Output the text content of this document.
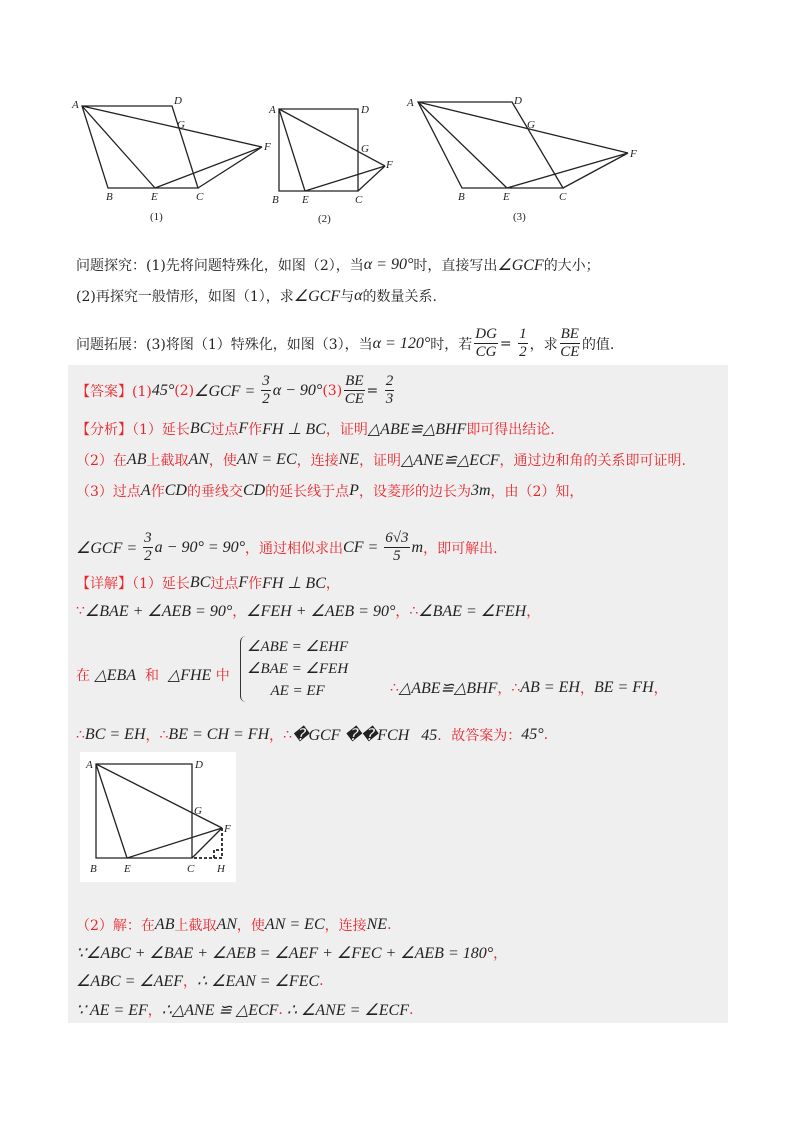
A	D
G
F
B	E	C
(1)
A	D
G
F
B E	C
(2)
A	D
G
F
B	E	C
(3)
问题探究：(1)先将问题特殊化，如图（2），当 α = 90° 时，直接写出 ∠GCF 的大小；
(2)再探究一般情形，如图（1），求 ∠GCF 与 α 的数量关系.
问题拓展：(3)将图（1）特殊化，如图（3），当 α = 120° 时，若 $\frac{DG}{CG} = \frac{1}{2}$ ，求 $\frac{BE}{CE}$ 的值.
【答案】(1) 45° (2) ∠GCF = $\frac{3}{2}$ α − 90° $(3) \frac{BE}{CE} = \frac{2}{3}$
【分析】（1）延长 BC 过点 F 作 FH ⊥ BC ，证明 △ABE≌△BHF 即可得出结论.
（2）在 AB 上截取 AN ，使 AN = EC ，连接 NE ，证明 △ANE≌△ECF ，通过边和角的关系即可证明.
（3）过点 A 作 CD 的垂线交 CD 的延长线于点 P ，设菱形的边长为 3m ，由（2）知，
∠GCF = $\frac{3}{2}$ a − 90° = 90° ，通过相似求出 CF = $\frac{6√3}{5}$ m ，即可解出.
【详解】（1）延长 BC 过点 F 作 FH ⊥ BC ，
∵ ∠BAE + ∠AEB = 90° ， ∠FEH + ∠AEB = 90° ， ∴ ∠BAE = ∠FEH ，
在 △EBA 和 △FHE 中
∴ △ABE≌△BHF ， ∴ AB = EH ， BE = FH ，
∴ BC = EH ， ∴ BE = CH = FH ， ∴ �GCF ��FCH   45 ．故答案为： 45° .
（2）解：在 AB 上截取 AN ，使 AN = EC ，连接 NE .
∵∠ABC + ∠BAE + ∠AEB = ∠AEF + ∠FEC + ∠AEB = 180° ，
∠ABC = ∠AEF ， ∴ ∠EAN = ∠FEC .
∵ AE = EF ， ∴△ANE ≌ △ECF . ∴ ∠ANE = ∠ECF .
∠ABE = ∠EHF
∠BAE = ∠FEH
AE = EF
A	D
G
F
B E	C H
